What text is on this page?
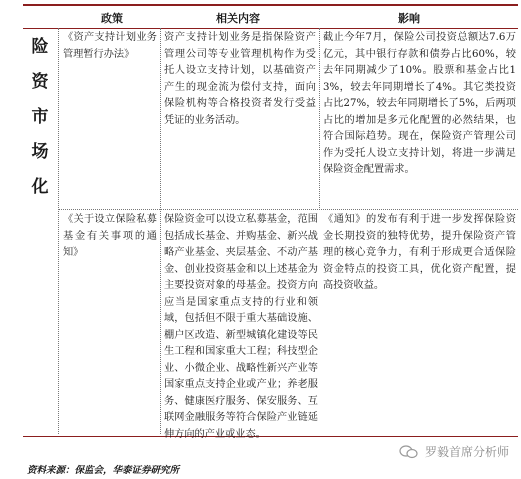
政策	相关内容	影响
险
资
市
场
化
《资产支持计划业务管理暂行办法》
资产支持计划业务是指保险资产管理公司等专业管理机构作为受托人设立支持计划，以基础资产产生的现金流为偿付支持，面向保险机构等合格投资者发行受益凭证的业务活动。
截止今年7月，保险公司投资总额达7.6万亿元，其中银行存款和债券占比60%，较去年同期减少了10%。股票和基金占比13%，较去年同期增长了4%。其它类投资占比27%，较去年同期增长了5%，后两项占比的增加是多元化配置的必然结果，也符合国际趋势。现在，保险资产管理公司作为受托人设立支持计划，将进一步满足保险资金配置需求。
《关于设立保险私募基金有关事项的通知》
保险资金可以设立私募基金，范围包括成长基金、并购基金、新兴战略产业基金、夹层基金、不动产基金、创业投资基金和以上述基金为主要投资对象的母基金。投资方向应当是国家重点支持的行业和领域，包括但不限于重大基础设施、棚户区改造、新型城镇化建设等民生工程和国家重大工程；科技型企业、小微企业、战略性新兴产业等国家重点支持企业或产业；养老服务、健康医疗服务、保安服务、互联网金融服务等符合保险产业链延伸方向的产业或业态。
《通知》的发布有利于进一步发挥保险资金长期投资的独特优势，提升保险资产管理的核心竞争力，有利于形成更合适保险资金特点的投资工具，优化资产配置，提高投资收益。
罗毅首席分析师
资料来源：保监会，华泰证券研究所
